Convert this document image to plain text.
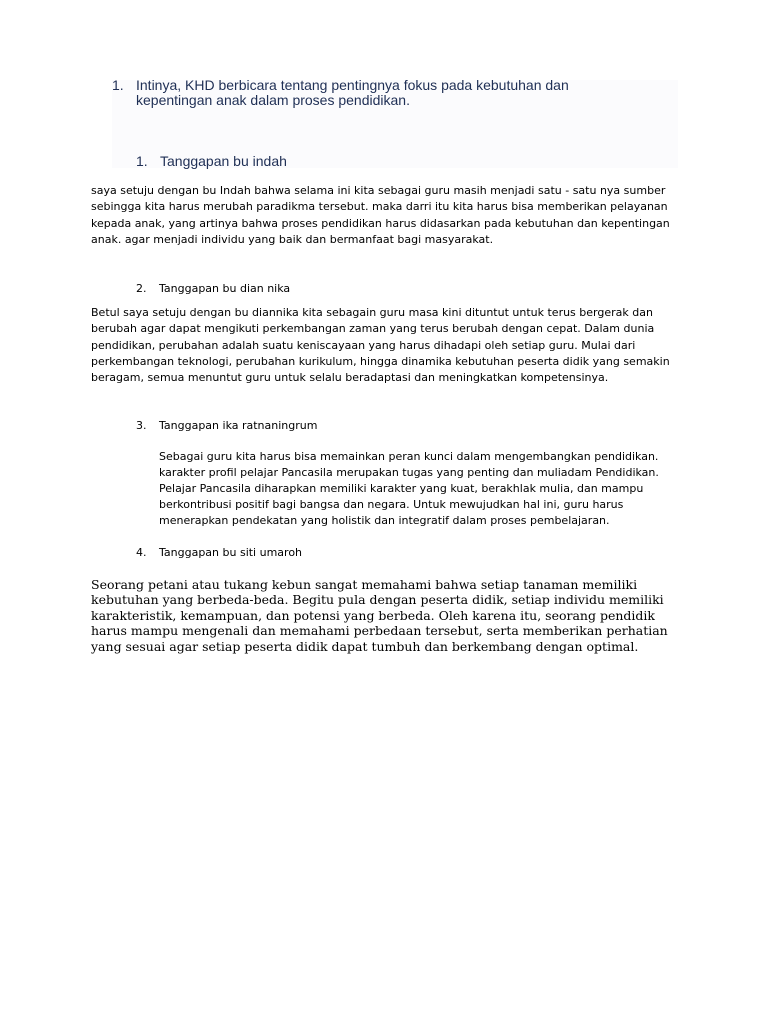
1. Intinya, KHD berbicara tentang pentingnya fokus pada kebutuhan dan kepentingan anak dalam proses pendidikan.
1. Tanggapan bu indah

saya setuju dengan bu Indah bahwa selama ini kita sebagai guru masih menjadi satu - satu nya sumber sebingga kita harus merubah paradikma tersebut. maka darri itu kita harus bisa memberikan pelayanan kepada anak, yang artinya bahwa proses pendidikan harus didasarkan pada kebutuhan dan kepentingan anak. agar menjadi individu yang baik dan bermanfaat bagi masyarakat.

2. Tanggapan bu dian nika

Betul saya setuju dengan bu diannika kita sebagain guru masa kini dituntut untuk terus bergerak dan berubah agar dapat mengikuti perkembangan zaman yang terus berubah dengan cepat. Dalam dunia pendidikan, perubahan adalah suatu keniscayaan yang harus dihadapi oleh setiap guru. Mulai dari perkembangan teknologi, perubahan kurikulum, hingga dinamika kebutuhan peserta didik yang semakin beragam, semua menuntut guru untuk selalu beradaptasi dan meningkatkan kompetensinya.

3. Tanggapan ika ratnaningrum

Sebagai guru kita harus bisa memainkan peran kunci dalam mengembangkan pendidikan. karakter profil pelajar Pancasila merupakan tugas yang penting dan muliadam Pendidikan. Pelajar Pancasila diharapkan memiliki karakter yang kuat, berakhlak mulia, dan mampu berkontribusi positif bagi bangsa dan negara. Untuk mewujudkan hal ini, guru harus menerapkan pendekatan yang holistik dan integratif dalam proses pembelajaran.

4. Tanggapan bu siti umaroh

Seorang petani atau tukang kebun sangat memahami bahwa setiap tanaman memiliki kebutuhan yang berbeda-beda. Begitu pula dengan peserta didik, setiap individu memiliki karakteristik, kemampuan, dan potensi yang berbeda. Oleh karena itu, seorang pendidik harus mampu mengenali dan memahami perbedaan tersebut, serta memberikan perhatian yang sesuai agar setiap peserta didik dapat tumbuh dan berkembang dengan optimal.
